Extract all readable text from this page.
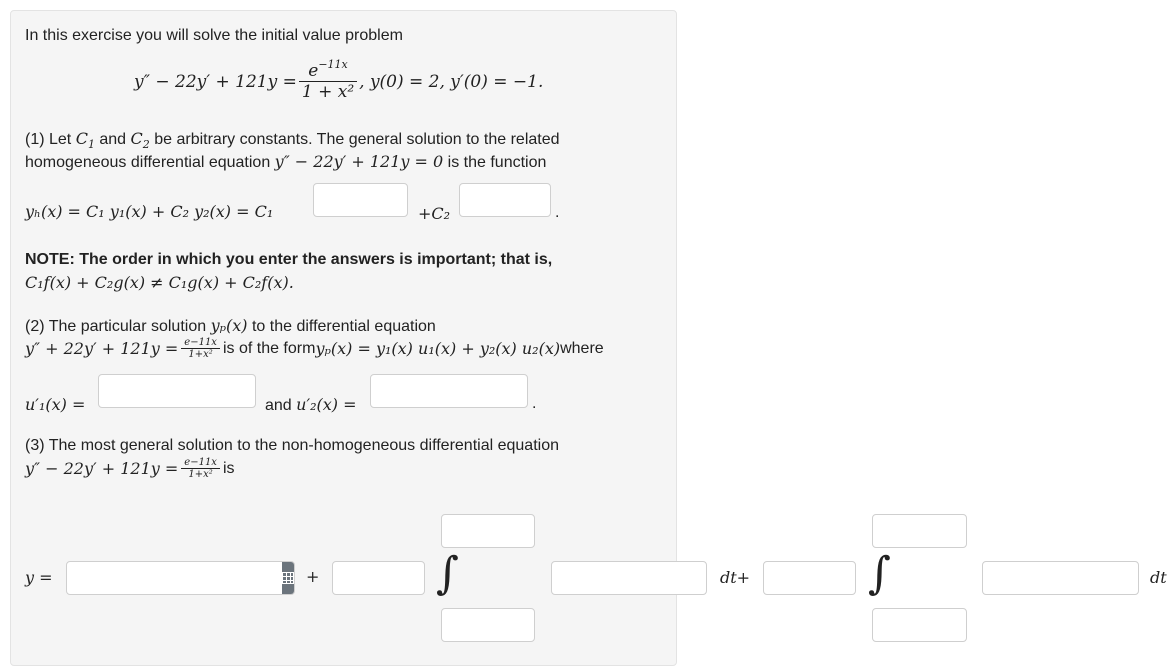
In this exercise you will solve the initial value problem
$y'' - 22y' + 121y = \frac{e^{-11x}}{\text{1 + x²}}$ , y(0) = 2, y′(0) = −1.
(1) Let $C_1$ and $C_2$ be arbitrary constants. The general solution to the related
homogeneous differential equation y″ − 22y′ + 121y = 0 is the function
yₕ(x) = C₁ y₁(x) + C₂ y₂(x) = C₁	+C₂	.
NOTE: The order in which you enter the answers is important; that is,
C₁f(x) + C₂g(x) ≠ C₁g(x) + C₂f(x).
(2) The particular solution yₚ(x) to the differential equation
$y'' + 22y' + 121y = \frac{e-11x}{\text{1+x²}}$ is of the form yₚ(x) = y₁(x) u₁(x) + y₂(x) u₂(x) where
u′₁(x) =	and u′₂(x) =	.
(3) The most general solution to the non-homogeneous differential equation
$y'' - 22y' + 121y = \frac{e-11x}{\text{1+x²}}$ is
y =	+	∫	dt+	∫	dt
